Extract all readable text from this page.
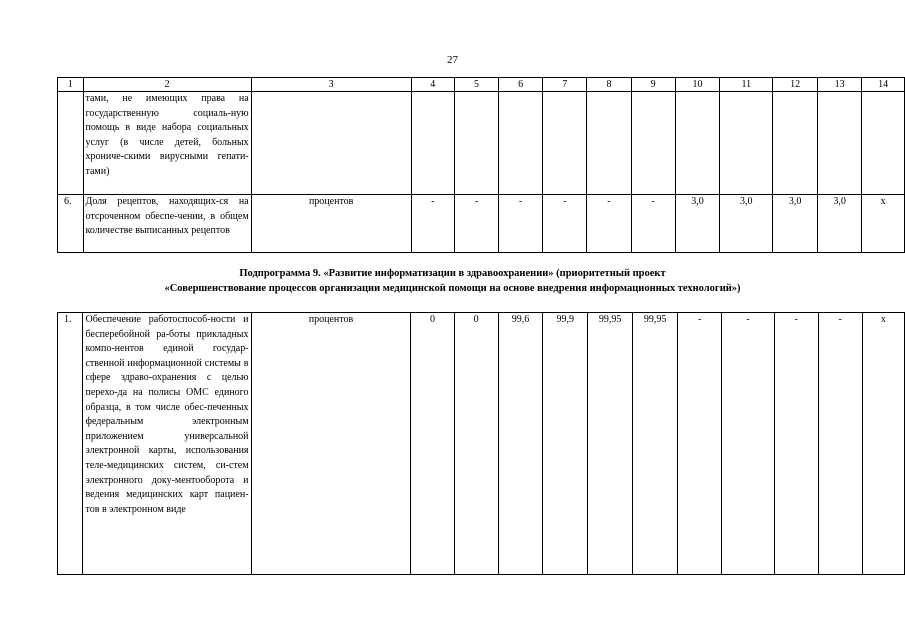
27
1	2	3	4	5	6	7	8	9	10	11	12	13	14
	тами, не имеющих права на государственную социаль-ную помощь в виде набора социальных услуг (в числе детей, больных хрониче-скими вирусными гепати-тами)												
6.	Доля рецептов, находящих-ся на отсроченном обеспе-чении, в общем количестве выписанных рецептов	процентов	-	-	-	-	-	-	3,0	3,0	3,0	3,0	х
Подпрограмма 9. «Развитие информатизации в здравоохранении» (приоритетный проект
«Совершенствование процессов организации медицинской помощи на основе внедрения информационных технологий»)
1.	Обеспечение работоспособ-ности и бесперебойной ра-боты прикладных компо-нентов единой государ-ственной информационной системы в сфере здраво-охранения с целью перехо-да на полисы ОМС единого образца, в том числе обес-печенных федеральным электронным приложением универсальной электронной карты, использования теле-медицинских систем, си-стем электронного доку-ментооборота и ведения медицинских карт пациен-тов в электронном виде	процентов	0	0	99,6	99,9	99,95	99,95	-	-	-	-	х
